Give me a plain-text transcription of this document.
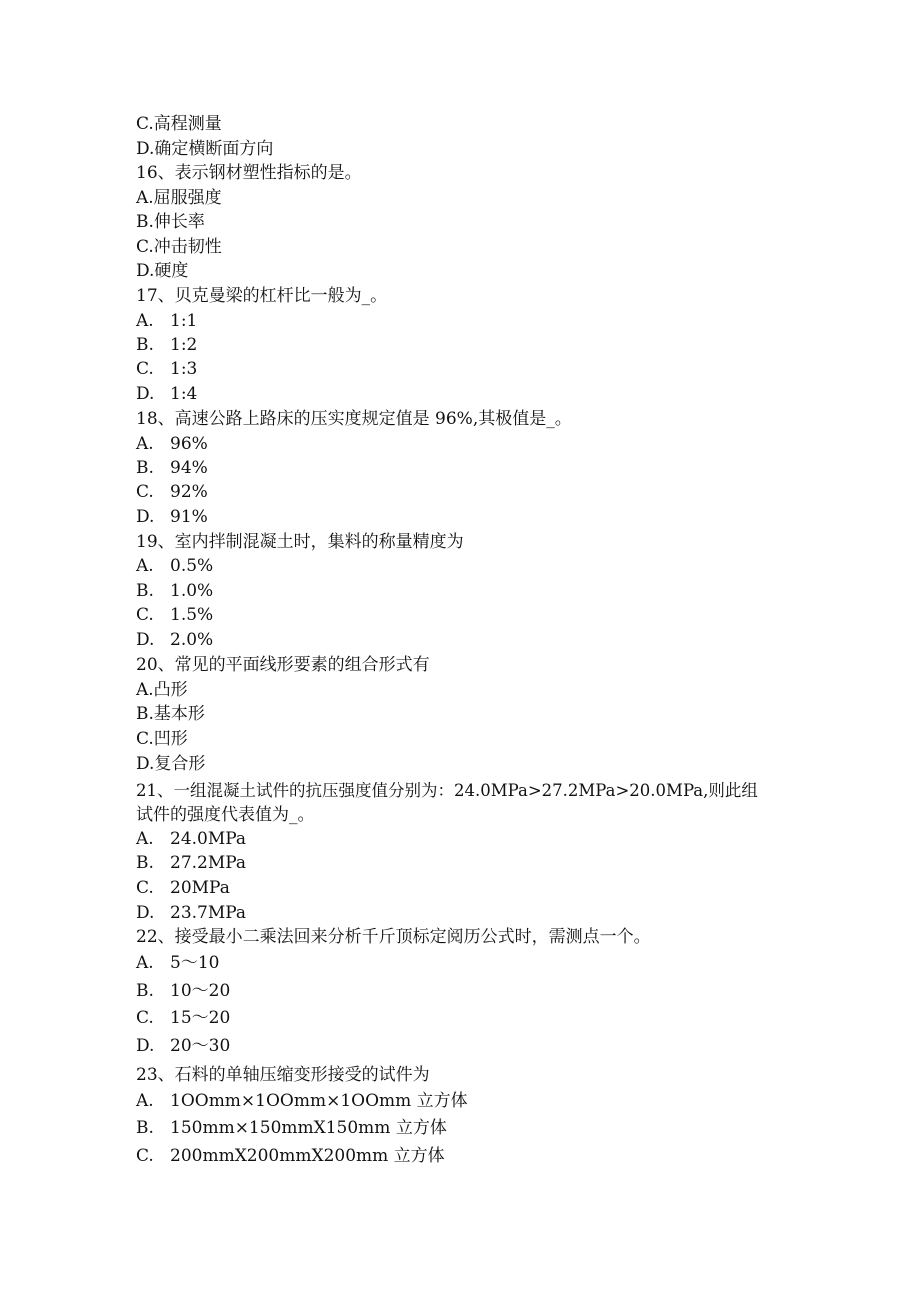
C.高程测量
D.确定横断面方向
16、表示钢材塑性指标的是。
A.屈服强度
B.伸长率
C.冲击韧性
D.硬度
17、贝克曼梁的杠杆比一般为_。
A. 1:1
B. 1:2
C. 1:3
D. 1:4
18、高速公路上路床的压实度规定值是 96%,其极值是_。
A. 96%
B. 94%
C. 92%
D. 91%
19、室内拌制混凝土时，集料的称量精度为
A. 0.5%
B. 1.0%
C. 1.5%
D. 2.0%
20、常见的平面线形要素的组合形式有
A.凸形
B.基本形
C.凹形
D.复合形
21、一组混凝土试件的抗压强度值分别为：24.0MPa>27.2MPa>20.0MPa,则此组
试件的强度代表值为_。
A. 24.0MPa
B. 27.2MPa
C. 20MPa
D. 23.7MPa
22、接受最小二乘法回来分析千斤顶标定阅历公式时，需测点一个。
A. 5～10
B. 10～20
C. 15～20
D. 20～30
23、石料的单轴压缩变形接受的试件为
A. 1OOmm×1OOmm×1OOmm 立方体
B. 150mm×150mmX150mm 立方体
C. 200mmX200mmX200mm 立方体
